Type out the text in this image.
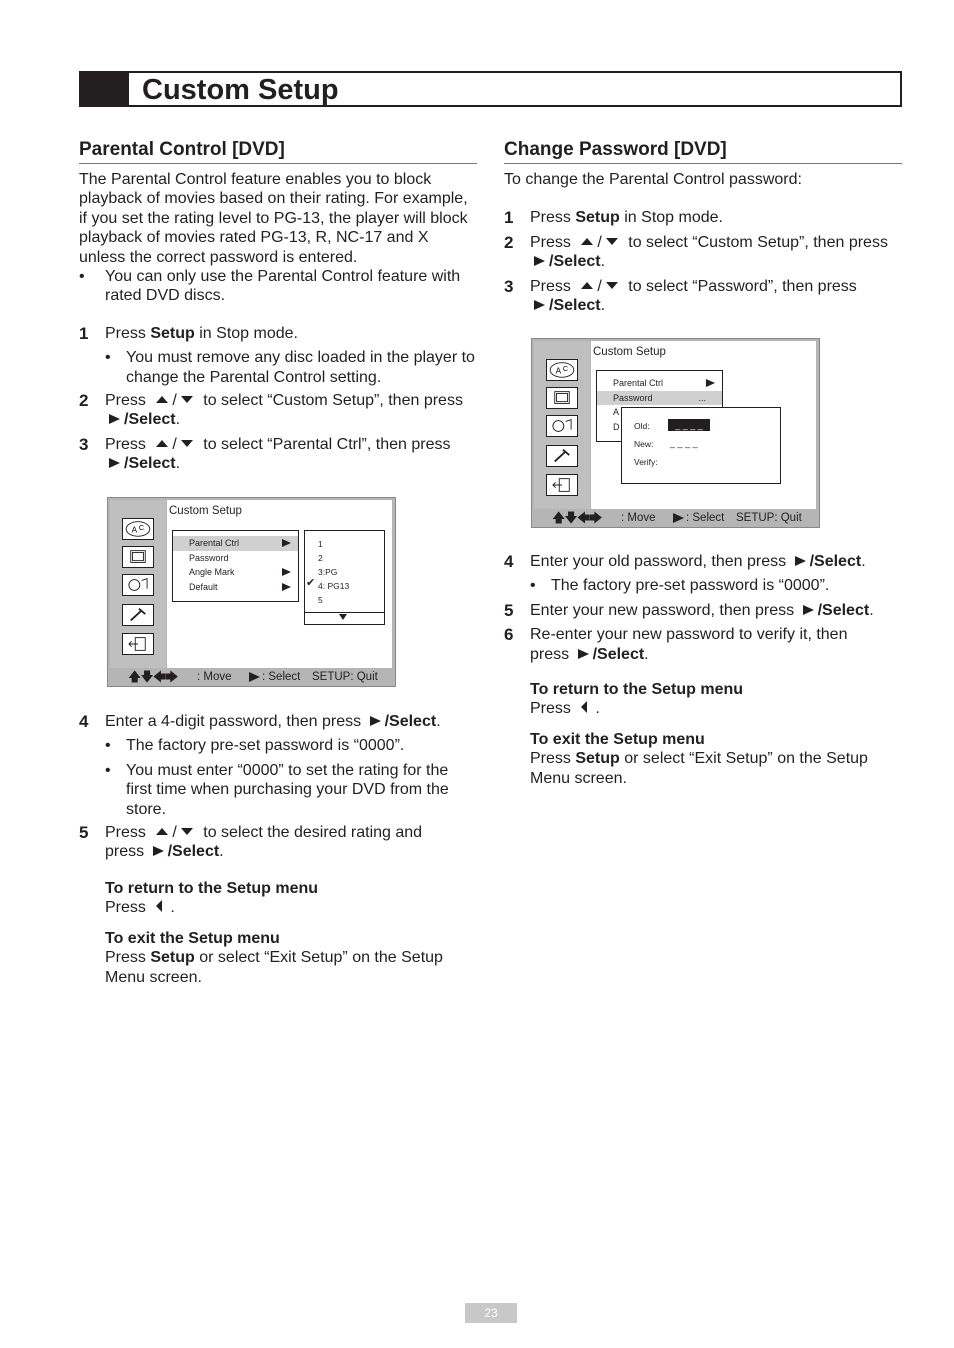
Custom Setup
Parental Control [DVD]

The Parental Control feature enables you to block playback of movies based on their rating. For example, if you set the rating level to PG-13, the player will block playback of movies rated PG-13, R, NC-17 and X unless the correct password is entered.

• You can only use the Parental Control feature with rated DVD discs.

1 Press Setup in Stop mode.

• You must remove any disc loaded in the player to change the Parental Control setting.

2 Press / to select “Custom Setup”, then press
/Select.

3 Press / to select “Parental Ctrl”, then press
/Select.

A C
Custom Setup
Parental Ctrl
Password
Angle Mark
Default
1
2
3:PG
4: PG13
5
✔
🡅🡇🡄🡆 : Move	: Select SETUP: Quit

4 Enter a 4-digit password, then press /Select.

• The factory pre-set password is “0000”.

• You must enter “0000” to set the rating for the first time when purchasing your DVD from the store.

5 Press / to select the desired rating and
press /Select.

To return to the Setup menu

Press .

To exit the Setup menu

Press Setup or select “Exit Setup” on the Setup Menu screen.

Change Password [DVD]

To change the Parental Control password:

1 Press Setup in Stop mode.

2 Press / to select “Custom Setup”, then press
/Select.

3 Press / to select “Password”, then press
/Select.

A C
Custom Setup
Parental Ctrl
Password	...
A
D	Old:	_ _ _ _
New: _ _ _ _
Verify:
🡅🡇🡄🡆 : Move	: Select SETUP: Quit

4 Enter your old password, then press /Select.

• The factory pre-set password is “0000”.

5 Enter your new password, then press /Select.

6 Re-enter your new password to verify it, then
press /Select.

To return to the Setup menu

Press .

To exit the Setup menu

Press Setup or select “Exit Setup” on the Setup Menu screen.

23
